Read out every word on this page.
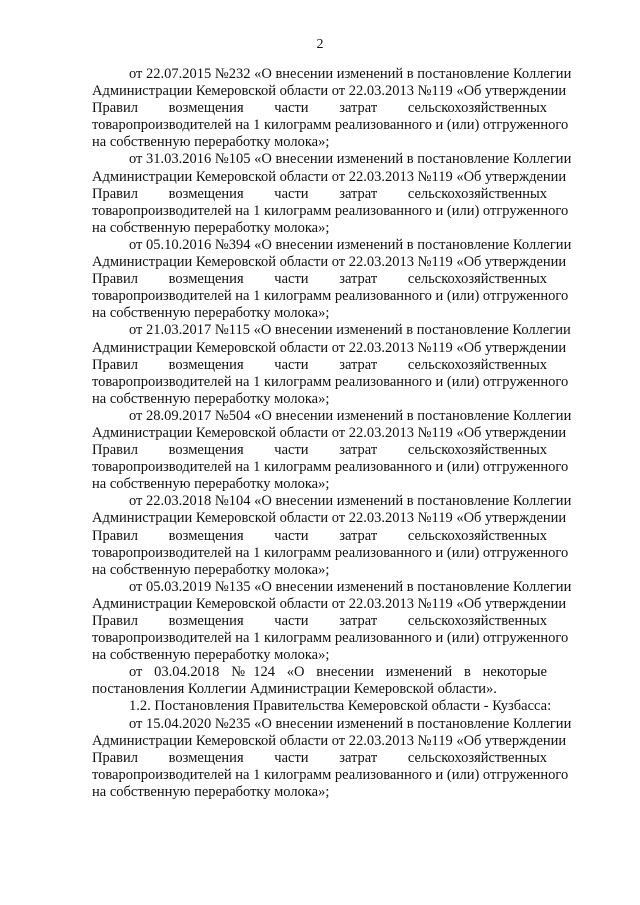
2
от 22.07.2015 №232 «О внесении изменений в постановление Коллегии
Администрации Кемеровской области от 22.03.2013 №119 «Об утверждении
Правил возмещения части затрат сельскохозяйственных
товаропроизводителей на 1 килограмм реализованного и (или) отгруженного
на собственную переработку молока»;
от 31.03.2016 №105 «О внесении изменений в постановление Коллегии
Администрации Кемеровской области от 22.03.2013 №119 «Об утверждении
Правил возмещения части затрат сельскохозяйственных
товаропроизводителей на 1 килограмм реализованного и (или) отгруженного
на собственную переработку молока»;
от 05.10.2016 №394 «О внесении изменений в постановление Коллегии
Администрации Кемеровской области от 22.03.2013 №119 «Об утверждении
Правил возмещения части затрат сельскохозяйственных
товаропроизводителей на 1 килограмм реализованного и (или) отгруженного
на собственную переработку молока»;
от 21.03.2017 №115 «О внесении изменений в постановление Коллегии
Администрации Кемеровской области от 22.03.2013 №119 «Об утверждении
Правил возмещения части затрат сельскохозяйственных
товаропроизводителей на 1 килограмм реализованного и (или) отгруженного
на собственную переработку молока»;
от 28.09.2017 №504 «О внесении изменений в постановление Коллегии
Администрации Кемеровской области от 22.03.2013 №119 «Об утверждении
Правил возмещения части затрат сельскохозяйственных
товаропроизводителей на 1 килограмм реализованного и (или) отгруженного
на собственную переработку молока»;
от 22.03.2018 №104 «О внесении изменений в постановление Коллегии
Администрации Кемеровской области от 22.03.2013 №119 «Об утверждении
Правил возмещения части затрат сельскохозяйственных
товаропроизводителей на 1 килограмм реализованного и (или) отгруженного
на собственную переработку молока»;
от 05.03.2019 №135 «О внесении изменений в постановление Коллегии
Администрации Кемеровской области от 22.03.2013 №119 «Об утверждении
Правил возмещения части затрат сельскохозяйственных
товаропроизводителей на 1 килограмм реализованного и (или) отгруженного
на собственную переработку молока»;
от 03.04.2018 №124 «О внесении изменений в некоторые
постановления Коллегии Администрации Кемеровской области».
1.2. Постановления Правительства Кемеровской области - Кузбасса:
от 15.04.2020 №235 «О внесении изменений в постановление Коллегии
Администрации Кемеровской области от 22.03.2013 №119 «Об утверждении
Правил возмещения части затрат сельскохозяйственных
товаропроизводителей на 1 килограмм реализованного и (или) отгруженного
на собственную переработку молока»;
